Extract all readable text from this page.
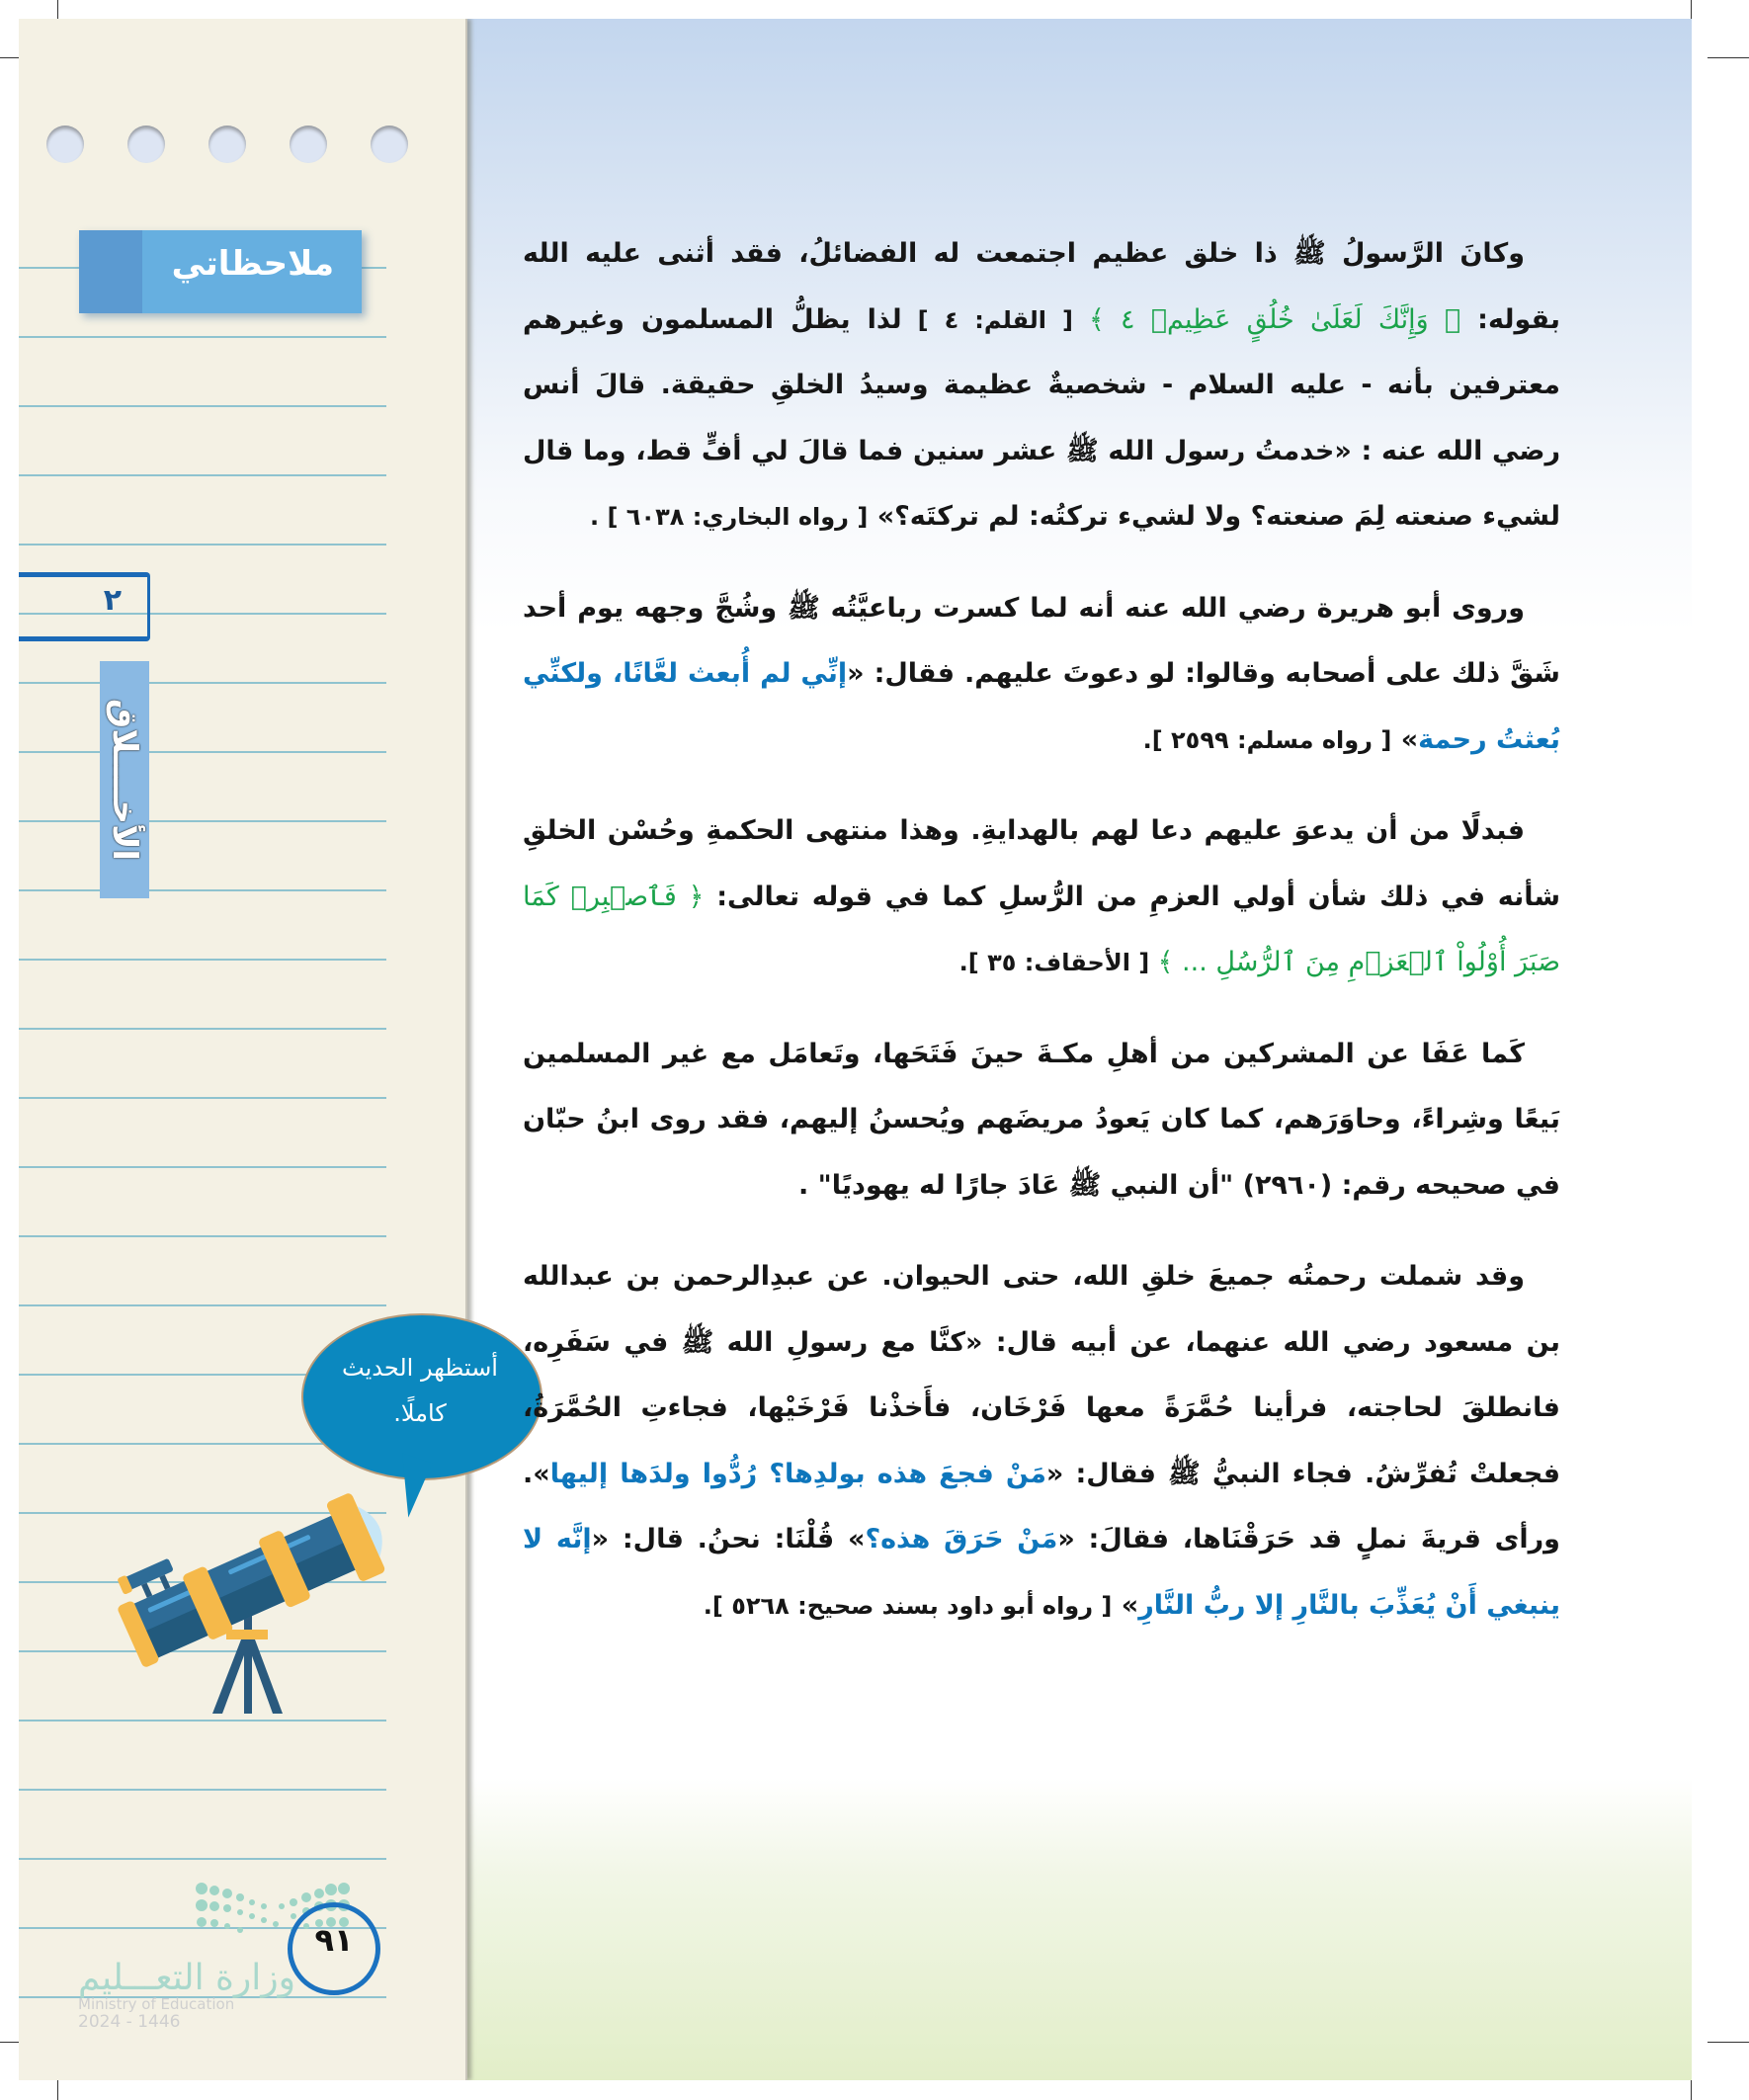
ملاحظاتي
٢
الأخــــلاق
وزارة التعـــليم
Ministry of Education
2024 - 1446
٩١
أستظهر الحديث
كاملًا.

وكانَ الرَّسولُ ﷺ ذا خلق عظيم اجتمعت له الفضائلُ، فقد أثنى عليه الله بقوله: ﴿ وَإِنَّكَ لَعَلَىٰ خُلُقٍ عَظِيمٖ ٤ ﴾ [ القلم: ٤ ] لذا يظلُّ المسلمون وغيرهم معترفين بأنه - عليه السلام - شخصيةٌ عظيمة وسيدُ الخلقِ حقيقة. قالَ أنس رضي الله عنه : «خدمتُ رسول الله ﷺ عشر سنين فما قالَ لي أفٍّ قط، وما قال لشيء صنعته لِمَ صنعته؟ ولا لشيء تركتُه: لم تركتَه؟» [ رواه البخاري: ٦٠٣٨ ] .

وروى أبو هريرة رضي الله عنه أنه لما كسرت رباعيَّتُه ﷺ وشُجَّ وجهه يوم أحد شَقَّ ذلك على أصحابه وقالوا: لو دعوتَ عليهم. فقال: «إنِّي لم أُبعث لعَّانًا، ولكنِّي بُعثتُ رحمة» [ رواه مسلم: ٢٥٩٩ ].

فبدلًا من أن يدعوَ عليهم دعا لهم بالهدايةِ. وهذا منتهى الحكمةِ وحُسْن الخلقِ شأنه في ذلك شأن أولي العزمِ من الرُّسلِ كما في قوله تعالى: ﴿ فَٱصۡبِرۡ كَمَا صَبَرَ أُوْلُواْ ٱلۡعَزۡمِ مِنَ ٱلرُّسُلِ ... ﴾ [ الأحقاف: ٣٥ ].

كَما عَفَا عن المشركين من أهلِ مكـةَ حينَ فَتَحَها، وتَعامَل مع غير المسلمين بَيعًا وشِراءً، وحاوَرَهم، كما كان يَعودُ مريضَهم ويُحسنُ إليهم، فقد روى ابنُ حبّان في صحيحه رقم: (٢٩٦٠) "أن النبي ﷺ عَادَ جارًا له يهوديًا" .

وقد شملت رحمتُه جميعَ خلقِ الله، حتى الحيوان. عن عبدِالرحمن بن عبدالله بن مسعود رضي الله عنهما، عن أبيه قال: «كنَّا مع رسولِ الله ﷺ في سَفَرِه، فانطلقَ لحاجته، فرأينا حُمَّرَةً معها فَرْخَان، فأَخذْنا فَرْخَيْها، فجاءتِ الحُمَّرَةُ، فجعلتْ تُفرِّشُ. فجاء النبيُّ ﷺ فقال: «مَنْ فجعَ هذه بولدِها؟ رُدُّوا ولدَها إليها». ورأى قريةَ نملٍ قد حَرَقْنَاها، فقالَ: «مَنْ حَرَقَ هذه؟» قُلْنَا: نحنُ. قال: «إنَّه لا ينبغي أَنْ يُعَذِّبَ بالنَّارِ إلا ربُّ النَّارِ» [ رواه أبو داود بسند صحيح: ٥٢٦٨ ].
